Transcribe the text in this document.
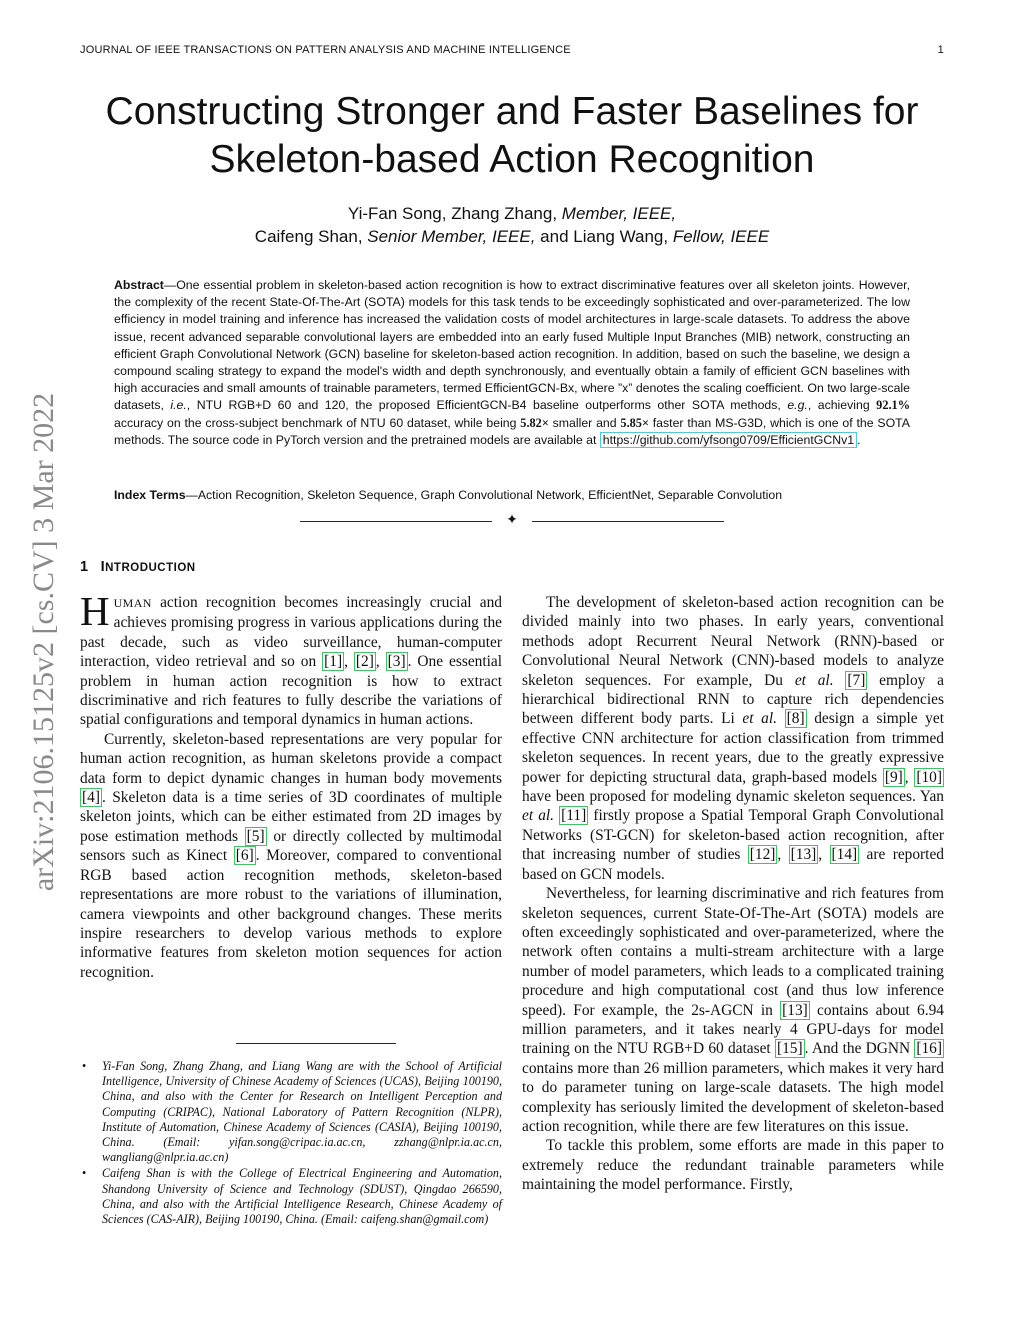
JOURNAL OF IEEE TRANSACTIONS ON PATTERN ANALYSIS AND MACHINE INTELLIGENCE	1
arXiv:2106.15125v2 [cs.CV] 3 Mar 2022
Constructing Stronger and Faster Baselines for
Skeleton-based Action Recognition
Yi-Fan Song, Zhang Zhang, Member, IEEE,
Caifeng Shan, Senior Member, IEEE, and Liang Wang, Fellow, IEEE
Abstract—One essential problem in skeleton-based action recognition is how to extract discriminative features over all skeleton joints. However, the complexity of the recent State-Of-The-Art (SOTA) models for this task tends to be exceedingly sophisticated and over-parameterized. The low efficiency in model training and inference has increased the validation costs of model architectures in large-scale datasets. To address the above issue, recent advanced separable convolutional layers are embedded into an early fused Multiple Input Branches (MIB) network, constructing an efficient Graph Convolutional Network (GCN) baseline for skeleton-based action recognition. In addition, based on such the baseline, we design a compound scaling strategy to expand the model's width and depth synchronously, and eventually obtain a family of efficient GCN baselines with high accuracies and small amounts of trainable parameters, termed EfficientGCN-Bx, where ”x” denotes the scaling coefficient. On two large-scale datasets, i.e., NTU RGB+D 60 and 120, the proposed EfficientGCN-B4 baseline outperforms other SOTA methods, e.g., achieving 92.1% accuracy on the cross-subject benchmark of NTU 60 dataset, while being 5.82× smaller and 5.85× faster than MS-G3D, which is one of the SOTA methods. The source code in PyTorch version and the pretrained models are available at https://github.com/yfsong0709/EfficientGCNv1 .
Index Terms—Action Recognition, Skeleton Sequence, Graph Convolutional Network, EfficientNet, Separable Convolution
✦
1 INTRODUCTION

HUMAN action recognition becomes increasingly crucial and achieves promising progress in various applications during the past decade, such as video surveillance, human-computer interaction, video retrieval and so on [1] , [2] , [3] . One essential problem in human action recognition is how to extract discriminative and rich features to fully describe the variations of spatial configurations and temporal dynamics in human actions.

Currently, skeleton-based representations are very popular for human action recognition, as human skeletons provide a compact data form to depict dynamic changes in human body movements [4] . Skeleton data is a time series of 3D coordinates of multiple skeleton joints, which can be either estimated from 2D images by pose estimation methods [5] or directly collected by multimodal sensors such as Kinect [6] . Moreover, compared to conventional RGB based action recognition methods, skeleton-based representations are more robust to the variations of illumination, camera viewpoints and other background changes. These merits inspire researchers to develop various methods to explore informative features from skeleton motion sequences for action recognition.

• Yi-Fan Song, Zhang Zhang, and Liang Wang are with the School of Artificial Intelligence, University of Chinese Academy of Sciences (UCAS), Beijing 100190, China, and also with the Center for Research on Intelligent Perception and Computing (CRIPAC), National Laboratory of Pattern Recognition (NLPR), Institute of Automation, Chinese Academy of Sciences (CASIA), Beijing 100190, China. (Email: yifan.song@cripac.ia.ac.cn, zzhang@nlpr.ia.ac.cn, wangliang@nlpr.ia.ac.cn)
• Caifeng Shan is with the College of Electrical Engineering and Automation, Shandong University of Science and Technology (SDUST), Qingdao 266590, China, and also with the Artificial Intelligence Research, Chinese Academy of Sciences (CAS-AIR), Beijing 100190, China. (Email: caifeng.shan@gmail.com)

The development of skeleton-based action recognition can be divided mainly into two phases. In early years, conventional methods adopt Recurrent Neural Network (RNN)-based or Convolutional Neural Network (CNN)-based models to analyze skeleton sequences. For example, Du et al. [7] employ a hierarchical bidirectional RNN to capture rich dependencies between different body parts. Li et al. [8] design a simple yet effective CNN architecture for action classification from trimmed skeleton sequences. In recent years, due to the greatly expressive power for depicting structural data, graph-based models [9] , [10] have been proposed for modeling dynamic skeleton sequences. Yan et al. [11] firstly propose a Spatial Temporal Graph Convolutional Networks (ST-GCN) for skeleton-based action recognition, after that increasing number of studies [12] , [13] , [14] are reported based on GCN models.

Nevertheless, for learning discriminative and rich features from skeleton sequences, current State-Of-The-Art (SOTA) models are often exceedingly sophisticated and over-parameterized, where the network often contains a multi-stream architecture with a large number of model parameters, which leads to a complicated training procedure and high computational cost (and thus low inference speed). For example, the 2s-AGCN in [13] contains about 6.94 million parameters, and it takes nearly 4 GPU-days for model training on the NTU RGB+D 60 dataset [15] . And the DGNN [16] contains more than 26 million parameters, which makes it very hard to do parameter tuning on large-scale datasets. The high model complexity has seriously limited the development of skeleton-based action recognition, while there are few literatures on this issue.

To tackle this problem, some efforts are made in this paper to extremely reduce the redundant trainable parameters while maintaining the model performance. Firstly,
